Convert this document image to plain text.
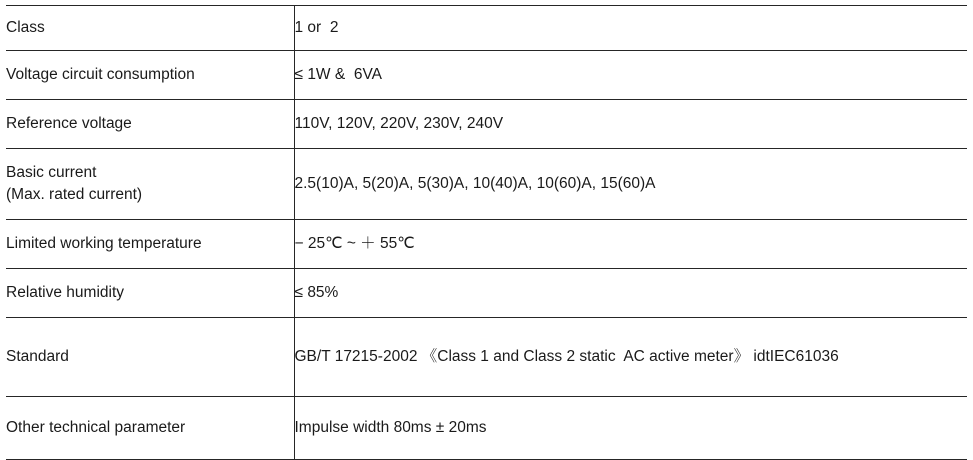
Class	1 or  2

Voltage circuit consumption	≤ 1W &  6VA

Reference voltage	110V, 120V, 220V, 230V, 240V

Basic current
(Max. rated current)	2.5(10)A, 5(20)A, 5(30)A, 10(40)A, 10(60)A, 15(60)A

Limited working temperature	− 25℃ ~ ＋ 55℃

Relative humidity	≤ 85%

Standard	GB/T 17215-2002 《Class 1 and Class 2 static  AC active meter》 idtIEC61036

Other technical parameter	Impulse width 80ms ± 20ms
